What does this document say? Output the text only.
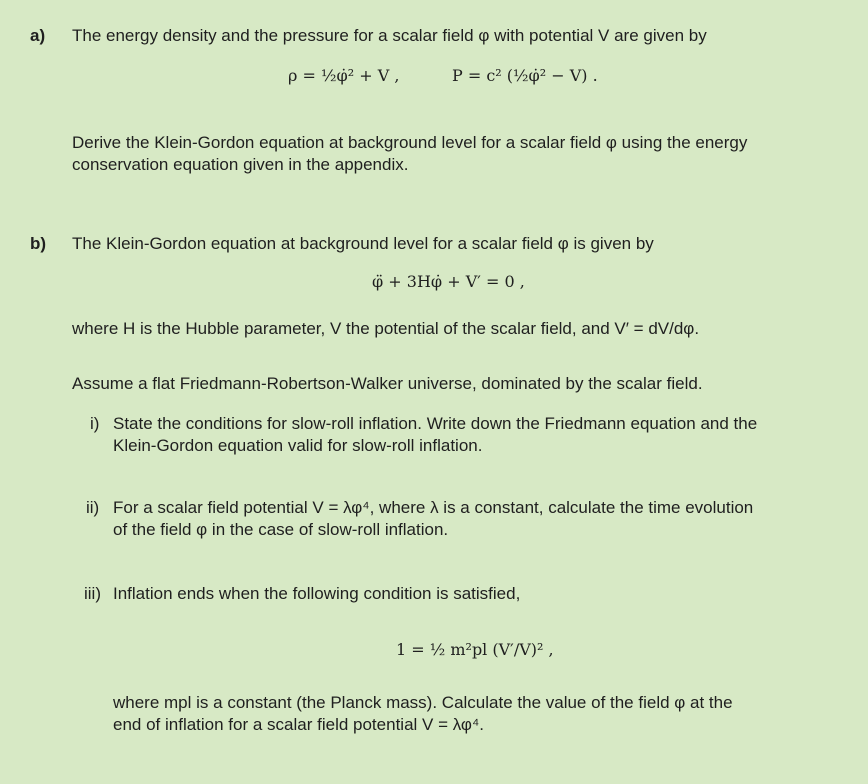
a) The energy density and the pressure for a scalar field φ with potential V are given by
ρ = ½φ̇² + V ,	P = c² (½φ̇² − V) .
Derive the Klein-Gordon equation at background level for a scalar field φ using the energy
conservation equation given in the appendix.
b) The Klein-Gordon equation at background level for a scalar field φ is given by
φ̈ + 3Hφ̇ + V′ = 0 ,
where H is the Hubble parameter, V the potential of the scalar field, and V′ = dV/dφ.
Assume a flat Friedmann-Robertson-Walker universe, dominated by the scalar field.
i) State the conditions for slow-roll inflation. Write down the Friedmann equation and the
Klein-Gordon equation valid for slow-roll inflation.
ii) For a scalar field potential V = λφ⁴, where λ is a constant, calculate the time evolution
of the field φ in the case of slow-roll inflation.
iii) Inflation ends when the following condition is satisfied,
1 = ½ m²pl (V′/V)² ,
where mpl is a constant (the Planck mass). Calculate the value of the field φ at the
end of inflation for a scalar field potential V = λφ⁴.
